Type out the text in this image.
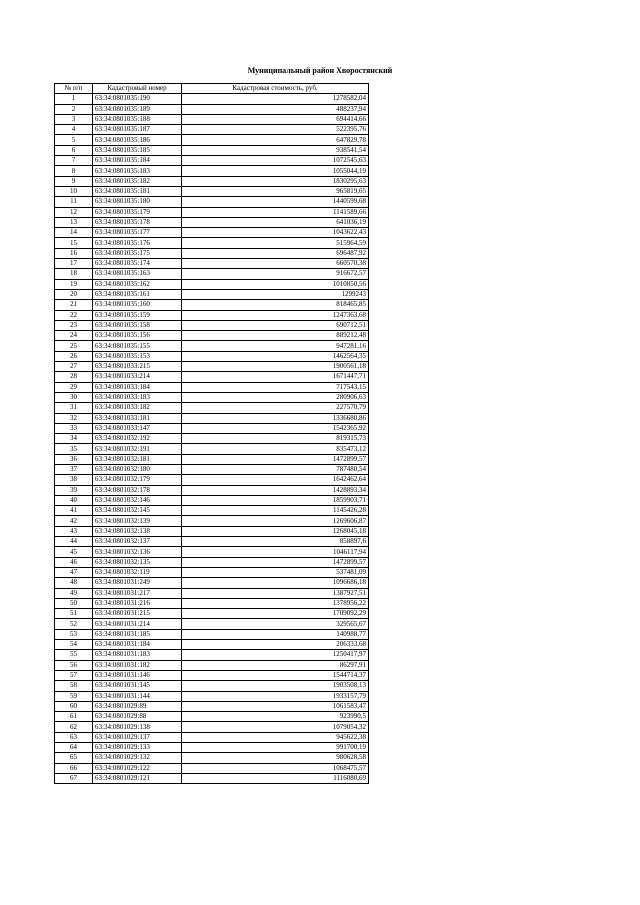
Муниципальный район Хворостянский
№ п/п	Кадастровый номер	Кадастровая стоимость, руб.
1	63:34:0801035:190	1278582,04
2	63:34:0801035:189	488237,94
3	63:34:0801035:188	694414,66
4	63:34:0801035:187	522395,76
5	63:34:0801035:186	647829,78
6	63:34:0801035:185	938541,54
7	63:34:0801035:184	1072545,63
8	63:34:0801035:183	1055044,19
9	63:34:0801035:182	1830295,63
10	63:34:0801035:181	965819,65
11	63:34:0801035:180	1440599,68
12	63:34:0801035:179	1141589,66
13	63:34:0801035:178	641036,19
14	63:34:0801035:177	1043622,43
15	63:34:0801035:176	515964,59
16	63:34:0801035:175	696487,92
17	63:34:0801035:174	660570,38
18	63:34:0801035:163	916672,57
19	63:34:0801035:162	1010850,56
20	63:34:0801035:161	1299243
21	63:34:0801035:160	818465,85
22	63:34:0801035:159	1247363,68
23	63:34:0801035:158	690712,51
24	63:34:0801035:156	889212,48
25	63:34:0801035:155	947281,16
26	63:34:0801035:153	1462564,35
27	63:34:0801033:215	1900561,18
28	63:34:0801033:214	1671447,71
29	63:34:0801033:184	717543,15
30	63:34:0801033:183	280906,63
31	63:34:0801033:182	227570,79
32	63:34:0801033:181	1336680,86
33	63:34:0801033:147	1542365,92
34	63:34:0801032:192	819315,73
35	63:34:0801032:191	835473,12
36	63:34:0801032:181	1472899,57
37	63:34:0801032:180	787480,54
38	63:34:0801032:179	1642462,64
39	63:34:0801032:178	1428893,34
40	63:34:0801032:146	1859903,71
41	63:34:0801032:145	1145426,28
42	63:34:0801032:139	1269606,87
43	63:34:0801032:138	1268045,18
44	63:34:0801032:137	858897,6
45	63:34:0801032:136	1046117,94
46	63:34:0801032:135	1472899,57
47	63:34:0801032:119	537481,09
48	63:34:0801031:249	1096686,18
49	63:34:0801031:217	1387927,51
50	63:34:0801031:216	1378956,22
51	63:34:0801031:215	1709092,29
52	63:34:0801031:214	329565,67
53	63:34:0801031:185	140988,77
54	63:34:0801031:184	206333,68
55	63:34:0801031:183	1250417,97
56	63:34:0801031:182	86297,91
57	63:34:0801031:146	1544714,37
58	63:34:0801031:145	1903508,13
59	63:34:0801031:144	1933157,79
60	63:34:0801029:89	1061583,47
61	63:34:0801029:88	923990,5
62	63:34:0801029:138	1079054,32
63	63:34:0801029:137	945622,38
64	63:34:0801029:133	991700,19
65	63:34:0801029:132	980628,58
66	63:34:0801029:122	1068475,57
67	63:34:0801029:121	1116080,69
